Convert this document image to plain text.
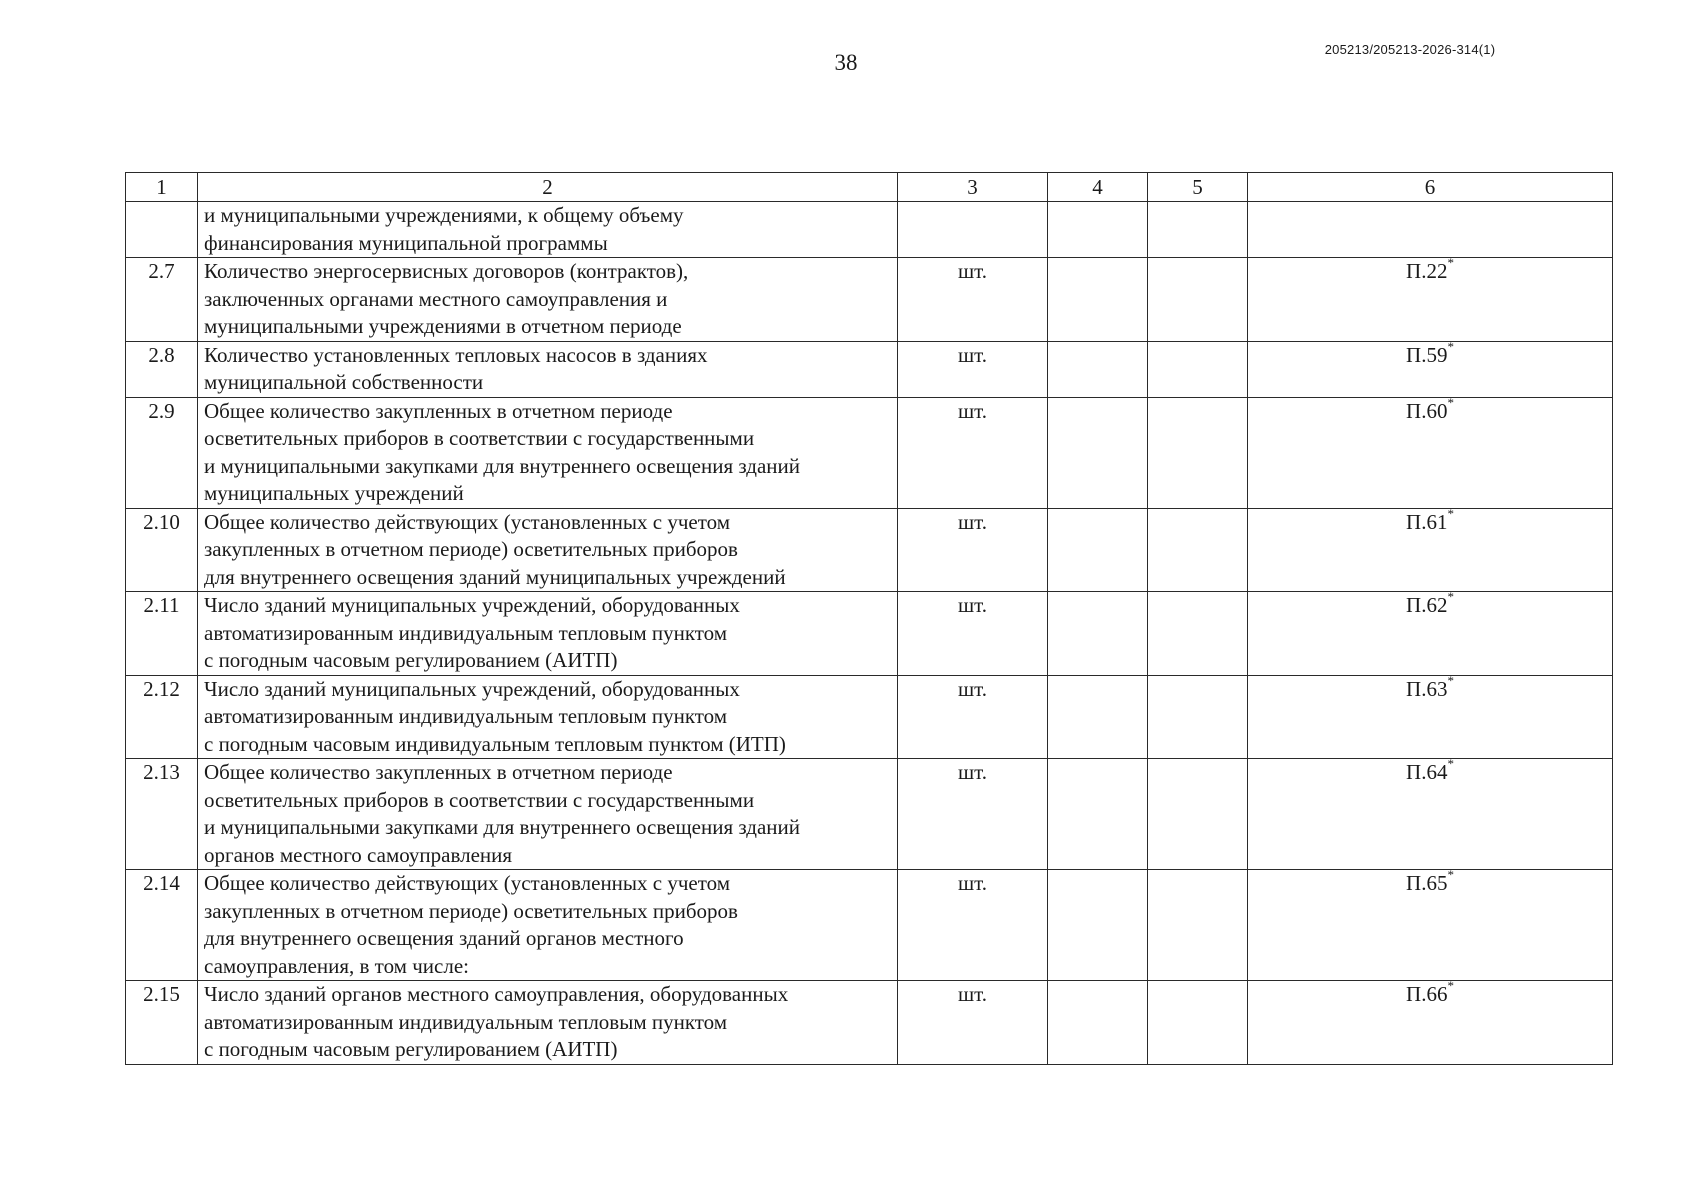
38
205213/205213-2026-314(1)
1	2	3	4	5	6

	и муниципальными учреждениями, к общему объему
финансирования муниципальной программы				

2.7	Количество энергосервисных договоров (контрактов),
заключенных органами местного самоуправления и
муниципальными учреждениями в отчетном периоде	шт.			П.22*
2.8	Количество установленных тепловых насосов в зданиях
муниципальной собственности	шт.			П.59*
2.9	Общее количество закупленных в отчетном периоде
осветительных приборов в соответствии с государственными
и муниципальными закупками для внутреннего освещения зданий
муниципальных учреждений	шт.			П.60*
2.10	Общее количество действующих (установленных с учетом
закупленных в отчетном периоде) осветительных приборов
для внутреннего освещения зданий муниципальных учреждений	шт.			П.61*
2.11	Число зданий муниципальных учреждений, оборудованных
автоматизированным индивидуальным тепловым пунктом
с погодным часовым регулированием (АИТП)	шт.			П.62*
2.12	Число зданий муниципальных учреждений, оборудованных
автоматизированным индивидуальным тепловым пунктом
с погодным часовым индивидуальным тепловым пунктом (ИТП)	шт.			П.63*
2.13	Общее количество закупленных в отчетном периоде
осветительных приборов в соответствии с государственными
и муниципальными закупками для внутреннего освещения зданий
органов местного самоуправления	шт.			П.64*
2.14	Общее количество действующих (установленных с учетом
закупленных в отчетном периоде) осветительных приборов
для внутреннего освещения зданий органов местного
самоуправления, в том числе:	шт.			П.65*
2.15	Число зданий органов местного самоуправления, оборудованных
автоматизированным индивидуальным тепловым пунктом
с погодным часовым регулированием (АИТП)	шт.			П.66*
